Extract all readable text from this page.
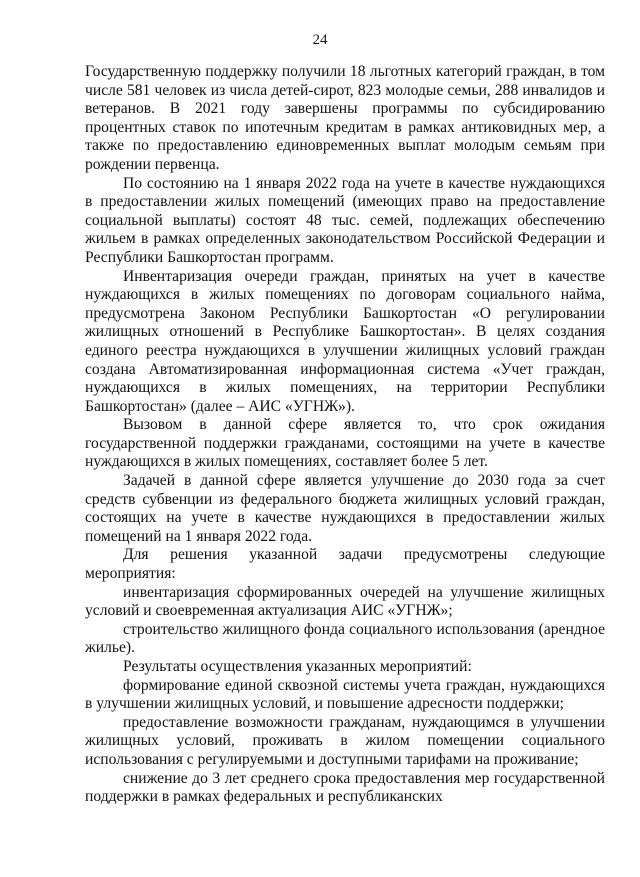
24

Государственную поддержку получили 18 льготных категорий граждан, в том числе 581 человек из числа детей-сирот, 823 молодые семьи, 288 инвалидов и ветеранов. В 2021 году завершены программы по субсидированию процентных ставок по ипотечным кредитам в рамках антиковидных мер, а также по предоставлению единовременных выплат молодым семьям при рождении первенца.

По состоянию на 1 января 2022 года на учете в качестве нуждающихся в предоставлении жилых помещений (имеющих право на предоставление социальной выплаты) состоят 48 тыс. семей, подлежащих обеспечению жильем в рамках определенных законодательством Российской Федерации и Республики Башкортостан программ.

Инвентаризация очереди граждан, принятых на учет в качестве нуждающихся в жилых помещениях по договорам социального найма, предусмотрена Законом Республики Башкортостан «О регулировании жилищных отношений в Республике Башкортостан». В целях создания единого реестра нуждающихся в улучшении жилищных условий граждан создана Автоматизированная информационная система «Учет граждан, нуждающихся в жилых помещениях, на территории Республики Башкортостан» (далее – АИС «УГНЖ»).

Вызовом в данной сфере является то, что срок ожидания государственной поддержки гражданами, состоящими на учете в качестве нуждающихся в жилых помещениях, составляет более 5 лет.

Задачей в данной сфере является улучшение до 2030 года за счет средств субвенции из федерального бюджета жилищных условий граждан, состоящих на учете в качестве нуждающихся в предоставлении жилых помещений на 1 января 2022 года.

Для решения указанной задачи предусмотрены следующие мероприятия:

инвентаризация сформированных очередей на улучшение жилищных условий и своевременная актуализация АИС «УГНЖ»;

строительство жилищного фонда социального использования (арендное жилье).

Результаты осуществления указанных мероприятий:

формирование единой сквозной системы учета граждан, нуждающихся в улучшении жилищных условий, и повышение адресности поддержки;

предоставление возможности гражданам, нуждающимся в улучшении жилищных условий, проживать в жилом помещении социального использования с регулируемыми и доступными тарифами на проживание;

снижение до 3 лет среднего срока предоставления мер государственной поддержки в рамках федеральных и республиканских
